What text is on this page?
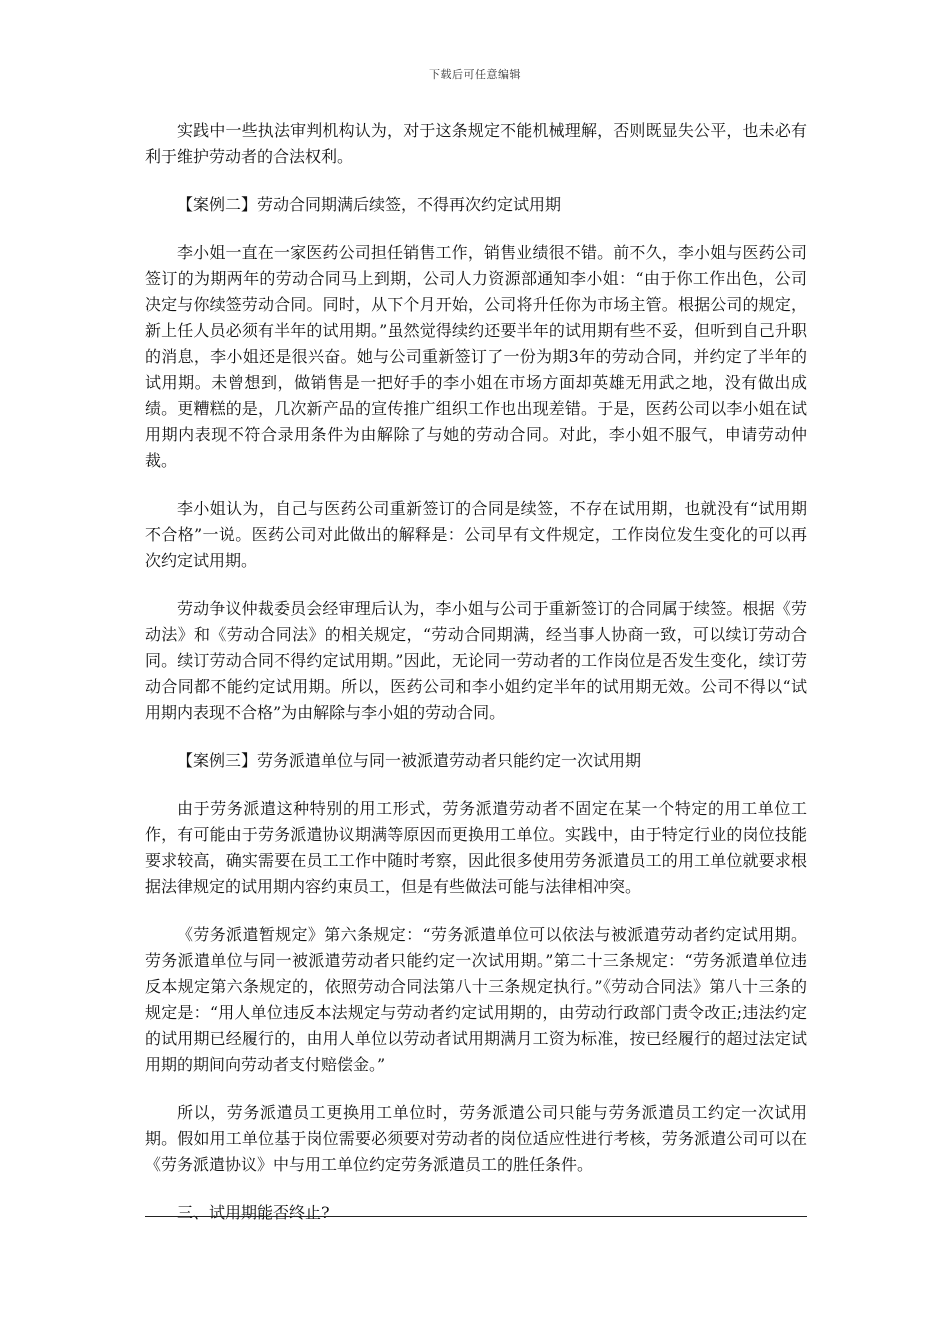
下载后可任意编辑

实践中一些执法审判机构认为，对于这条规定不能机械理解，否则既显失公平，也未必有利于维护劳动者的合法权利。

【案例二】劳动合同期满后续签，不得再次约定试用期

李小姐一直在一家医药公司担任销售工作，销售业绩很不错。前不久，李小姐与医药公司签订的为期两年的劳动合同马上到期，公司人力资源部通知李小姐：“由于你工作出色，公司决定与你续签劳动合同。同时，从下个月开始，公司将升任你为市场主管。根据公司的规定，新上任人员必须有半年的试用期。”虽然觉得续约还要半年的试用期有些不妥，但听到自己升职的消息，李小姐还是很兴奋。她与公司重新签订了一份为期3年的劳动合同，并约定了半年的试用期。未曾想到，做销售是一把好手的李小姐在市场方面却英雄无用武之地，没有做出成绩。更糟糕的是，几次新产品的宣传推广组织工作也出现差错。于是，医药公司以李小姐在试用期内表现不符合录用条件为由解除了与她的劳动合同。对此，李小姐不服气，申请劳动仲裁。

李小姐认为，自己与医药公司重新签订的合同是续签，不存在试用期，也就没有“试用期不合格”一说。医药公司对此做出的解释是：公司早有文件规定，工作岗位发生变化的可以再次约定试用期。

劳动争议仲裁委员会经审理后认为，李小姐与公司于重新签订的合同属于续签。根据《劳动法》和《劳动合同法》的相关规定，“劳动合同期满，经当事人协商一致，可以续订劳动合同。续订劳动合同不得约定试用期。”因此，无论同一劳动者的工作岗位是否发生变化，续订劳动合同都不能约定试用期。所以，医药公司和李小姐约定半年的试用期无效。公司不得以“试用期内表现不合格”为由解除与李小姐的劳动合同。

【案例三】劳务派遣单位与同一被派遣劳动者只能约定一次试用期

由于劳务派遣这种特别的用工形式，劳务派遣劳动者不固定在某一个特定的用工单位工作，有可能由于劳务派遣协议期满等原因而更换用工单位。实践中，由于特定行业的岗位技能要求较高，确实需要在员工工作中随时考察，因此很多使用劳务派遣员工的用工单位就要求根据法律规定的试用期内容约束员工，但是有些做法可能与法律相冲突。

《劳务派遣暂规定》第六条规定：“劳务派遣单位可以依法与被派遣劳动者约定试用期。劳务派遣单位与同一被派遣劳动者只能约定一次试用期。”第二十三条规定：“劳务派遣单位违反本规定第六条规定的，依照劳动合同法第八十三条规定执行。”《劳动合同法》第八十三条的规定是：“用人单位违反本法规定与劳动者约定试用期的，由劳动行政部门责令改正;违法约定的试用期已经履行的，由用人单位以劳动者试用期满月工资为标准，按已经履行的超过法定试用期的期间向劳动者支付赔偿金。”

所以，劳务派遣员工更换用工单位时，劳务派遣公司只能与劳务派遣员工约定一次试用期。假如用工单位基于岗位需要必须要对劳动者的岗位适应性进行考核，劳务派遣公司可以在《劳务派遣协议》中与用工单位约定劳务派遣员工的胜任条件。

三、试用期能否终止?
